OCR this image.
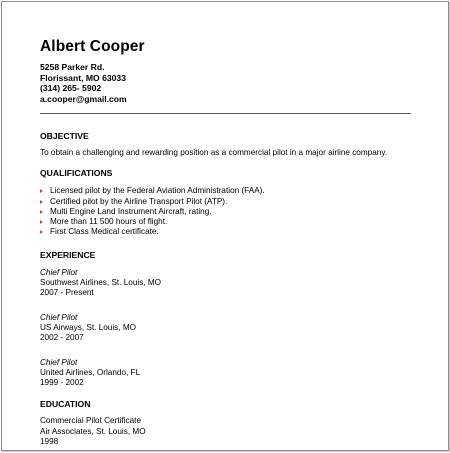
Albert Cooper
5258 Parker Rd.
Florissant, MO 63033
(314) 265- 5902
a.cooper@gmail.com
OBJECTIVE

To obtain a challenging and rewarding position as a commercial pilot in a major airline company.

QUALIFICATIONS
Licensed pilot by the Federal Aviation Administration (FAA).
Certified pilot by the Airline Transport Pilot (ATP).
Multi Engine Land Instrument Aircraft, rating.
More than 11 500 hours of flight.
First Class Medical certificate.
EXPERIENCE
Chief Pilot
Southwest Airlines, St. Louis, MO
2007 - Present
Chief Pilot
US Airways, St. Louis, MO
2002 - 2007
Chief Pilot
United Airlines, Orlando, FL
1999 - 2002
EDUCATION
Commercial Pilot Certificate
Air Associates, St. Louis, MO
1998
